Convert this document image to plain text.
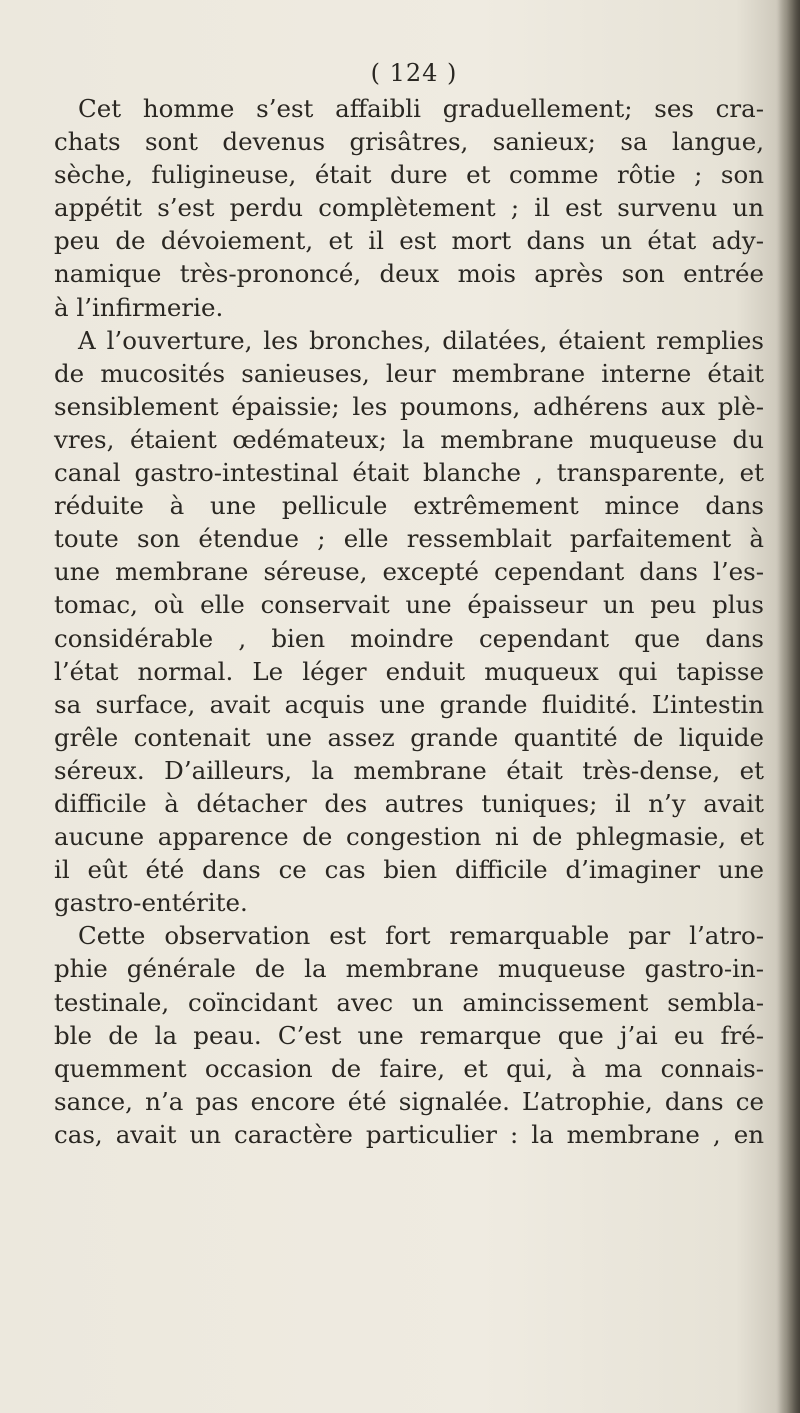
( 124 )
Cet homme s’est affaibli graduellement; ses cra-
chats sont devenus grisâtres, sanieux; sa langue,
sèche, fuligineuse, était dure et comme rôtie ; son
appétit s’est perdu complètement ; il est survenu un
peu de dévoiement, et il est mort dans un état ady-
namique très-prononcé, deux mois après son entrée
à l’infirmerie.
A l’ouverture, les bronches, dilatées, étaient remplies
de mucosités sanieuses, leur membrane interne était
sensiblement épaissie; les poumons, adhérens aux plè-
vres, étaient œdémateux; la membrane muqueuse du
canal gastro-intestinal était blanche , transparente, et
réduite à une pellicule extrêmement mince dans
toute son étendue ; elle ressemblait parfaitement à
une membrane séreuse, excepté cependant dans l’es-
tomac, où elle conservait une épaisseur un peu plus
considérable , bien moindre cependant que dans
l’état normal. Le léger enduit muqueux qui tapisse
sa surface, avait acquis une grande fluidité. L’intestin
grêle contenait une assez grande quantité de liquide
séreux. D’ailleurs, la membrane était très-dense, et
difficile à détacher des autres tuniques; il n’y avait
aucune apparence de congestion ni de phlegmasie, et
il eût été dans ce cas bien difficile d’imaginer une
gastro-entérite.
Cette observation est fort remarquable par l’atro-
phie générale de la membrane muqueuse gastro-in-
testinale, coïncidant avec un amincissement sembla-
ble de la peau. C’est une remarque que j’ai eu fré-
quemment occasion de faire, et qui, à ma connais-
sance, n’a pas encore été signalée. L’atrophie, dans ce
cas, avait un caractère particulier : la membrane , en
